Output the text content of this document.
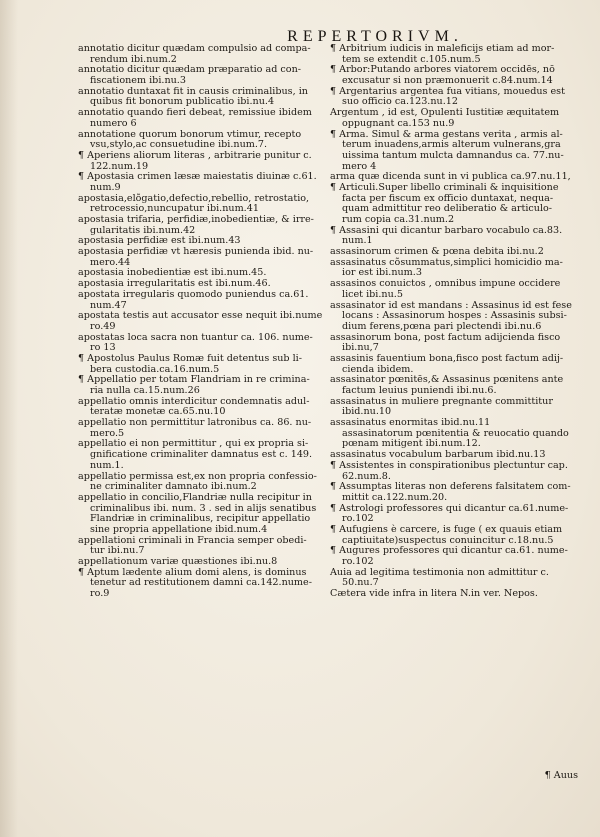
REPERTORIVM.
annotatio dicitur quædam compulsio ad compa-
rendum ibi.num.2
annotatio dicitur quædam præparatio ad con-
fiscationem ibi.nu.3
annotatio duntaxat fit in causis criminalibus, in
quibus fit bonorum publicatio ibi.nu.4
annotatio quando fieri debeat, remissiue ibidem
numero 6
annotatione quorum bonorum vtimur, recepto
vsu,stylo,ac consuetudine ibi.num.7.
¶ Aperiens aliorum literas , arbitrarie punitur c.
122.num.19
¶ Apostasia crimen læsæ maiestatis diuinæ c.61.
num.9
apostasia,elõgatio,defectio,rebellio, retrostatio,
retrocessio,nuncupatur ibi.num.41
apostasia trifaria, perfidiæ,inobedientiæ, & irre-
gularitatis ibi.num.42
apostasia perfidiæ est ibi.num.43
apostasia perfidiæ vt hæresis punienda ibid. nu-
mero.44
apostasia inobedientiæ est ibi.num.45.
apostasia irregularitatis est ibi.num.46.
apostata irregularis quomodo puniendus ca.61.
num.47
apostata testis aut accusator esse nequit ibi.nume
ro.49
apostatas loca sacra non tuantur ca. 106. nume-
ro 13
¶ Apostolus Paulus Romæ fuit detentus sub li-
bera custodia.ca.16.num.5
¶ Appellatio per totam Flandriam in re crimina-
ria nulla ca.15.num.26
appellatio omnis interdicitur condemnatis adul-
teratæ monetæ ca.65.nu.10
appellatio non permittitur latronibus ca. 86. nu-
mero.5
appellatio ei non permittitur , qui ex propria si-
gnificatione criminaliter damnatus est c. 149.
num.1.
appellatio permissa est,ex non propria confessio-
ne criminaliter damnato ibi.num.2
appellatio in concilio,Flandriæ nulla recipitur in
criminalibus ibi. num. 3 . sed in alijs senatibus
Flandriæ in criminalibus, recipitur appellatio
sine propria appellatione ibid.num.4
appellationi criminali in Francia semper obedi-
tur ibi.nu.7
appellationum variæ quæstiones ibi.nu.8
¶ Aptum lædente alium domi alens, is dominus
tenetur ad restitutionem damni ca.142.nume-
ro.9
¶ Arbitrium iudicis in maleficijs etiam ad mor-
tem se extendit c.105.num.5
¶ Arbor:Putando arbores viatorem occidēs, nō
excusatur si non præmonuerit c.84.num.14
¶ Argentarius argentea fua vitians, mouedus est
suo officio ca.123.nu.12
Argentum , id est, Opulenti Iustitiæ æquitatem
oppugnant ca.153 nu.9
¶ Arma. Simul & arma gestans verita , armis al-
terum inuadens,armis alterum vulnerans,gra
uissima tantum mulcta damnandus ca. 77.nu-
mero 4
arma quæ dicenda sunt in vi publica ca.97.nu.11,
¶ Articuli.Super libello criminali & inquisitione
facta per fiscum ex officio duntaxat, nequa-
quam admittitur reo deliberatio & articulo-
rum copia ca.31.num.2
¶ Assasini qui dicantur barbaro vocabulo ca.83.
num.1
assasinorum crimen & pœna debita ibi.nu.2
assasinatus cõsummatus,simplici homicidio ma-
ior est ibi.num.3
assasinos conuictos , omnibus impune occidere
licet ibi.nu.5
assasinator id est mandans : Assasinus id est fese
locans : Assasinorum hospes : Assasinis subsi-
dium ferens,pœna pari plectendi ibi.nu.6
assasinorum bona, post factum adijcienda fisco
ibi.nu,7
assasinis fauentium bona,fisco post factum adij-
cienda ibidem.
assasinator pœnitēs,& Assasinus pœnitens ante
factum leuius puniendi ibi.nu.6.
assasinatus in muliere pregnante committitur
ibid.nu.10
assasinatus enormitas ibid.nu.11
assasinatorum pœnitentia & reuocatio quando
pœnam mitigent ibi.num.12.
assasinatus vocabulum barbarum ibid.nu.13
¶ Assistentes in conspirationibus plectuntur cap.
62.num.8.
¶ Assumptas literas non deferens falsitatem com-
mittit ca.122.num.20.
¶ Astrologi professores qui dicantur ca.61.nume-
ro.102
¶ Aufugiens è carcere, is fuge ( ex quauis etiam
captiuitate)suspectus conuincitur c.18.nu.5
¶ Augures professores qui dicantur ca.61. nume-
ro.102
Auia ad legitima testimonia non admittitur c.
50.nu.7
Cætera vide infra in litera N.in ver. Nepos.
¶ Auus
